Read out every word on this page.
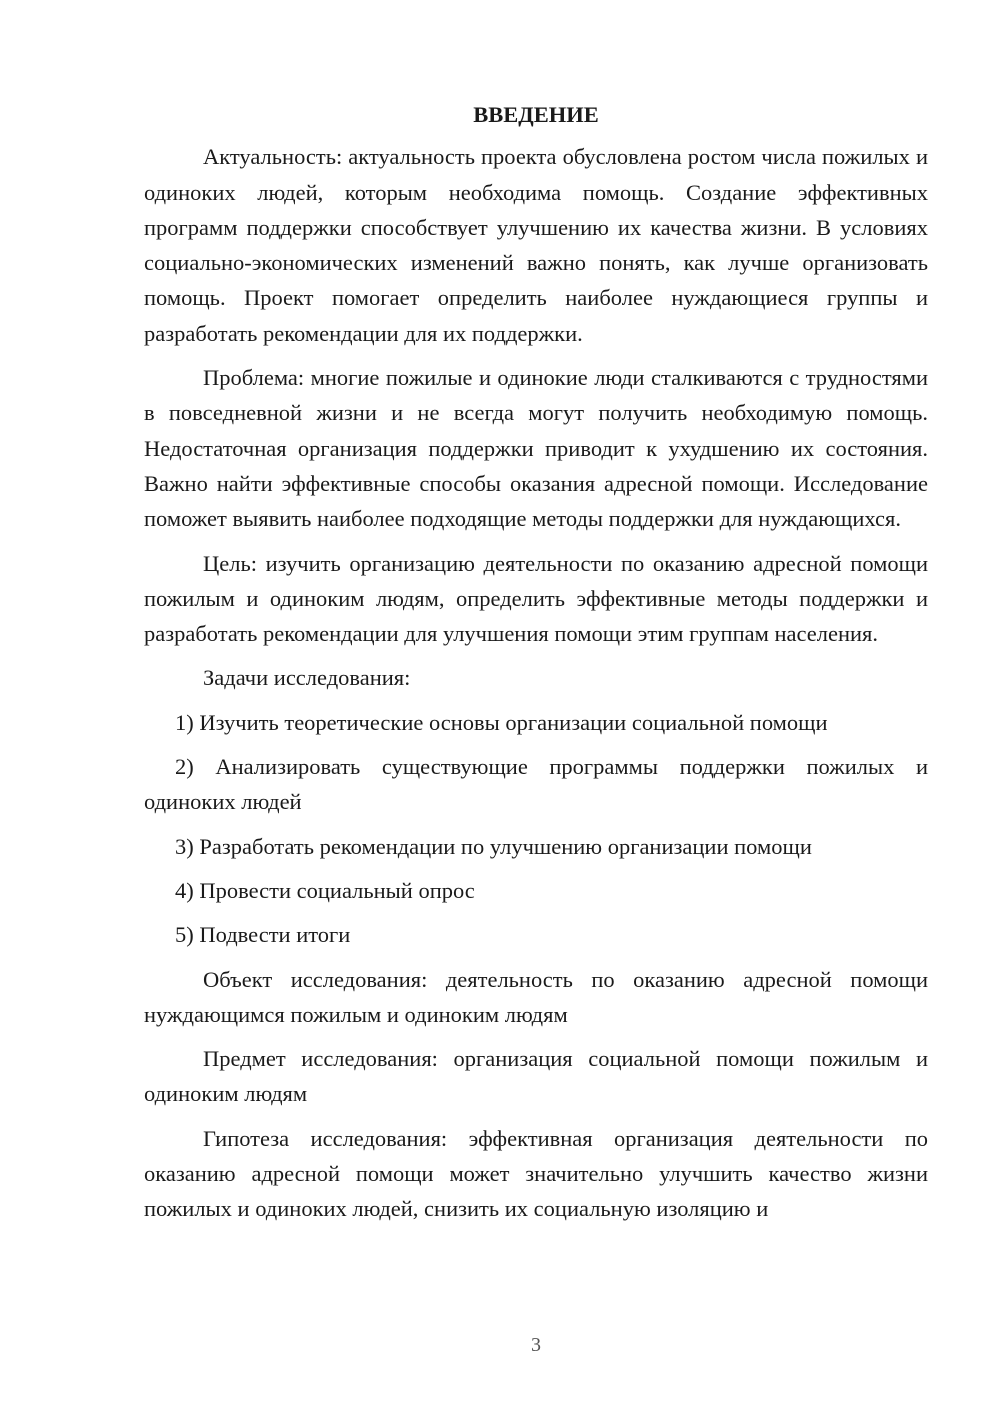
ВВЕДЕНИЕ

Актуальность: актуальность проекта обусловлена ростом числа пожилых и одиноких людей, которым необходима помощь. Создание эффективных программ поддержки способствует улучшению их качества жизни. В условиях социально-экономических изменений важно понять, как лучше организовать помощь. Проект помогает определить наиболее нуждающиеся группы и разработать рекомендации для их поддержки.

Проблема: многие пожилые и одинокие люди сталкиваются с трудностями в повседневной жизни и не всегда могут получить необходимую помощь. Недостаточная организация поддержки приводит к ухудшению их состояния. Важно найти эффективные способы оказания адресной помощи. Исследование поможет выявить наиболее подходящие методы поддержки для нуждающихся.

Цель: изучить организацию деятельности по оказанию адресной помощи пожилым и одиноким людям, определить эффективные методы поддержки и разработать рекомендации для улучшения помощи этим группам населения.

Задачи исследования:

1) Изучить теоретические основы организации социальной помощи

2) Анализировать существующие программы поддержки пожилых и одиноких людей

3) Разработать рекомендации по улучшению организации помощи

4) Провести социальный опрос

5) Подвести итоги

Объект исследования: деятельность по оказанию адресной помощи нуждающимся пожилым и одиноким людям

Предмет исследования: организация социальной помощи пожилым и одиноким людям

Гипотеза исследования: эффективная организация деятельности по оказанию адресной помощи может значительно улучшить качество жизни пожилых и одиноких людей, снизить их социальную изоляцию и

3
